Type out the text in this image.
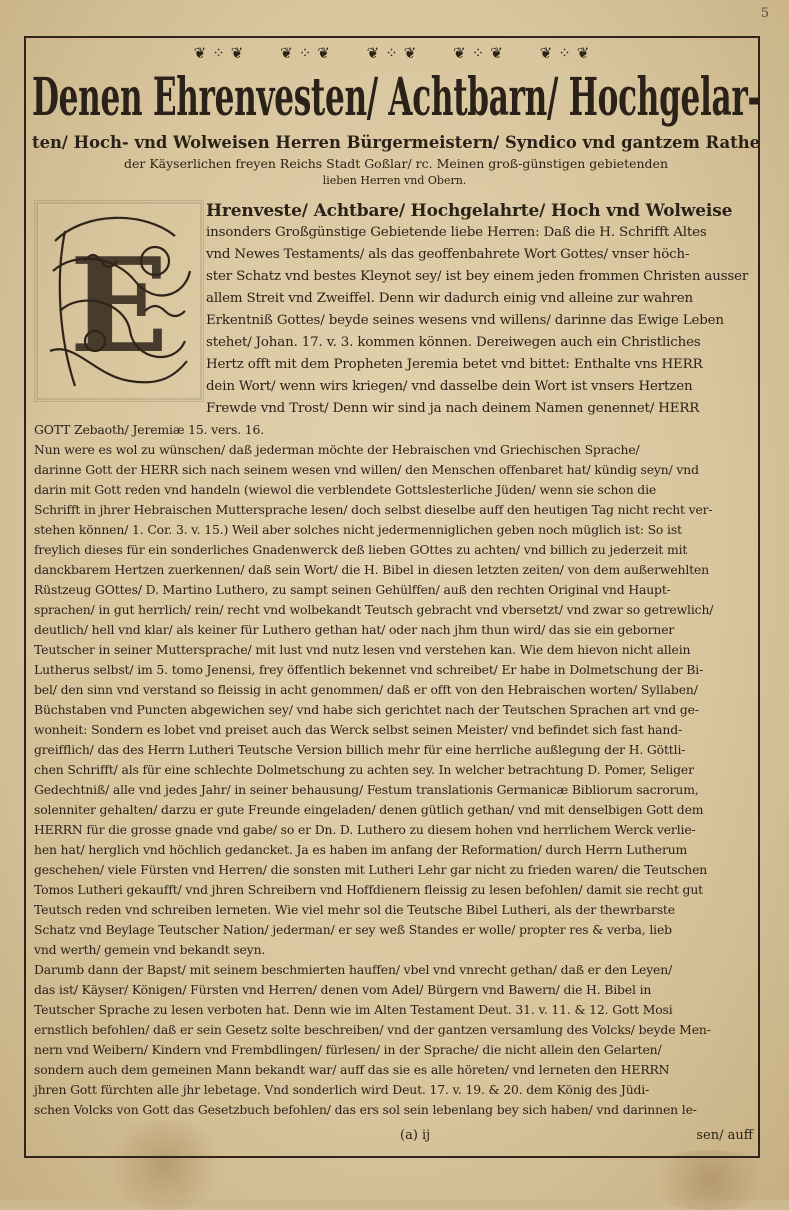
5
❦⁘❦ ❦⁘❦ ❦⁘❦ ❦⁘❦ ❦⁘❦
Denen Ehrenvesten/ Achtbarn/ Hochgelar-
ten/ Hoch- vnd Wolweisen Herren Bürgermeistern/ Syndico vnd gantzem Rathe
der Käyserlichen freyen Reichs Stadt Goßlar/ rc. Meinen groß-günstigen gebietenden
lieben Herren vnd Obern.
E
Hrenveste/ Achtbare/ Hochgelahrte/ Hoch vnd Wolweise
insonders Großgünstige Gebietende liebe Herren: Daß die H. Schrifft Altes
vnd Newes Testaments/ als das geoffenbahrete Wort Gottes/ vnser höch-
ster Schatz vnd bestes Kleynot sey/ ist bey einem jeden frommen Christen ausser
allem Streit vnd Zweiffel. Denn wir dadurch einig vnd alleine zur wahren
Erkentniß Gottes/ beyde seines wesens vnd willens/ darinne das Ewige Leben
stehet/ Johan. 17. v. 3. kommen können. Dereiwegen auch ein Christliches
Hertz offt mit dem Propheten Jeremia betet vnd bittet: Enthalte vns HERR
dein Wort/ wenn wirs kriegen/ vnd dasselbe dein Wort ist vnsers Hertzen
Frewde vnd Trost/ Denn wir sind ja nach deinem Namen genennet/ HERR
GOTT Zebaoth/ Jeremiæ 15. vers. 16.
Nun were es wol zu wünschen/ daß jederman möchte der Hebraischen vnd Griechischen Sprache/
darinne Gott der HERR sich nach seinem wesen vnd willen/ den Menschen offenbaret hat/ kündig seyn/ vnd
darin mit Gott reden vnd handeln (wiewol die verblendete Gottslesterliche Jüden/ wenn sie schon die
Schrifft in jhrer Hebraischen Muttersprache lesen/ doch selbst dieselbe auff den heutigen Tag nicht recht ver-
stehen können/ 1. Cor. 3. v. 15.) Weil aber solches nicht jedermenniglichen geben noch müglich ist: So ist
freylich dieses für ein sonderliches Gnadenwerck deß lieben GOttes zu achten/ vnd billich zu jederzeit mit
danckbarem Hertzen zuerkennen/ daß sein Wort/ die H. Bibel in diesen letzten zeiten/ von dem außerwehlten
Rüstzeug GOttes/ D. Martino Luthero, zu sampt seinen Gehülffen/ auß den rechten Original vnd Haupt-
sprachen/ in gut herrlich/ rein/ recht vnd wolbekandt Teutsch gebracht vnd vbersetzt/ vnd zwar so getrewlich/
deutlich/ hell vnd klar/ als keiner für Luthero gethan hat/ oder nach jhm thun wird/ das sie ein geborner
Teutscher in seiner Muttersprache/ mit lust vnd nutz lesen vnd verstehen kan. Wie dem hievon nicht allein
Lutherus selbst/ im 5. tomo Jenensi, frey öffentlich bekennet vnd schreibet/ Er habe in Dolmetschung der Bi-
bel/ den sinn vnd verstand so fleissig in acht genommen/ daß er offt von den Hebraischen worten/ Syllaben/
Büchstaben vnd Puncten abgewichen sey/ vnd habe sich gerichtet nach der Teutschen Sprachen art vnd ge-
wonheit: Sondern es lobet vnd preiset auch das Werck selbst seinen Meister/ vnd befindet sich fast hand-
greifflich/ das des Herrn Lutheri Teutsche Version billich mehr für eine herrliche außlegung der H. Göttli-
chen Schrifft/ als für eine schlechte Dolmetschung zu achten sey. In welcher betrachtung D. Pomer, Seliger
Gedechtniß/ alle vnd jedes Jahr/ in seiner behausung/ Festum translationis Germanicæ Bibliorum sacrorum,
solenniter gehalten/ darzu er gute Freunde eingeladen/ denen gütlich gethan/ vnd mit denselbigen Gott dem
HERRN für die grosse gnade vnd gabe/ so er Dn. D. Luthero zu diesem hohen vnd herrlichem Werck verlie-
hen hat/ herglich vnd höchlich gedancket. Ja es haben im anfang der Reformation/ durch Herrn Lutherum
geschehen/ viele Fürsten vnd Herren/ die sonsten mit Lutheri Lehr gar nicht zu frieden waren/ die Teutschen
Tomos Lutheri gekaufft/ vnd jhren Schreibern vnd Hoffdienern fleissig zu lesen befohlen/ damit sie recht gut
Teutsch reden vnd schreiben lerneten. Wie viel mehr sol die Teutsche Bibel Lutheri, als der thewrbarste
Schatz vnd Beylage Teutscher Nation/ jederman/ er sey weß Standes er wolle/ propter res & verba, lieb
vnd werth/ gemein vnd bekandt seyn.
Darumb dann der Bapst/ mit seinem beschmierten hauffen/ vbel vnd vnrecht gethan/ daß er den Leyen/
das ist/ Käyser/ Königen/ Fürsten vnd Herren/ denen vom Adel/ Bürgern vnd Bawern/ die H. Bibel in
Teutscher Sprache zu lesen verboten hat. Denn wie im Alten Testament Deut. 31. v. 11. & 12. Gott Mosi
ernstlich befohlen/ daß er sein Gesetz solte beschreiben/ vnd der gantzen versamlung des Volcks/ beyde Men-
nern vnd Weibern/ Kindern vnd Frembdlingen/ fürlesen/ in der Sprache/ die nicht allein den Gelarten/
sondern auch dem gemeinen Mann bekandt war/ auff das sie es alle höreten/ vnd lerneten den HERRN
jhren Gott fürchten alle jhr lebetage. Vnd sonderlich wird Deut. 17. v. 19. & 20. dem König des Jüdi-
schen Volcks von Gott das Gesetzbuch befohlen/ das ers sol sein lebenlang bey sich haben/ vnd darinnen le-
(a) ij	sen/ auff
